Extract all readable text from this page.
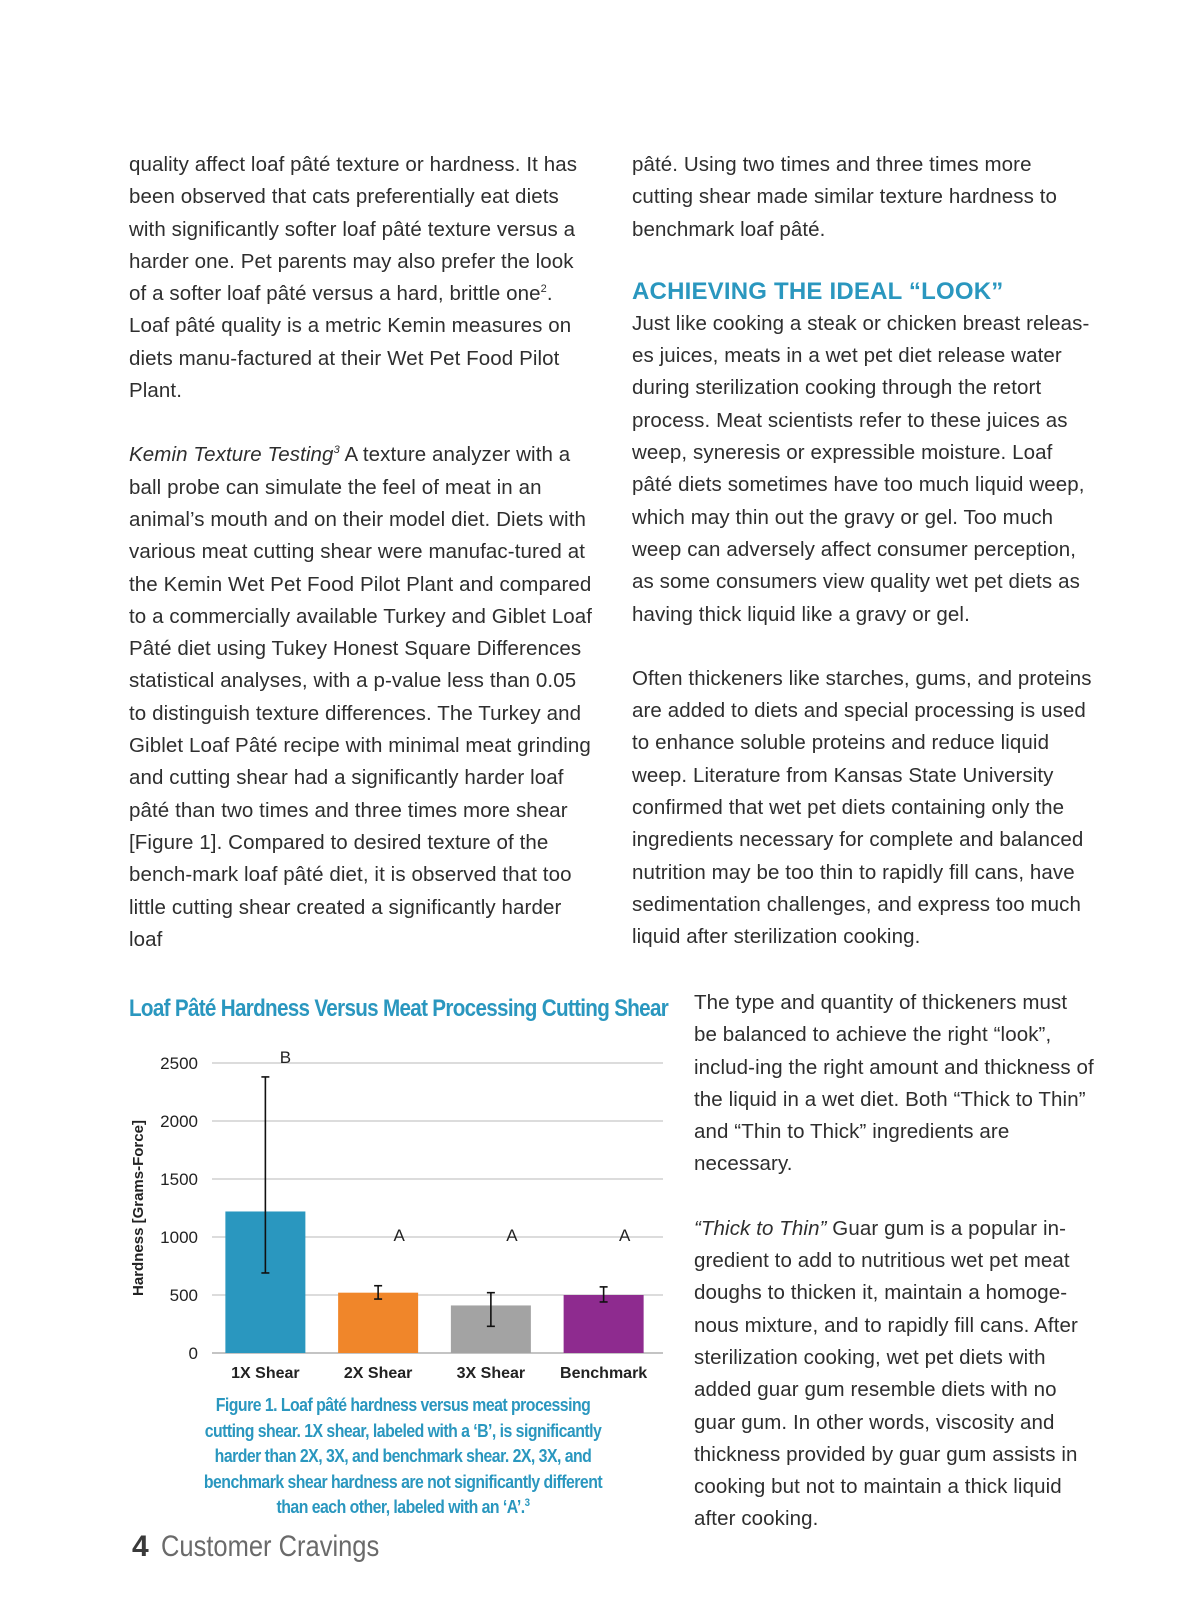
quality affect loaf pâté texture or hardness. It has been observed that cats preferentially eat diets with significantly softer loaf pâté texture versus a harder one. Pet parents may also prefer the look of a softer loaf pâté versus a hard, brittle one$^2$. Loaf pâté quality is a metric Kemin measures on diets manu-factured at their Wet Pet Food Pilot Plant.

Kemin Texture Testing$^3$ A texture analyzer with a ball probe can simulate the feel of meat in an animal’s mouth and on their model diet. Diets with various meat cutting shear were manufac-tured at the Kemin Wet Pet Food Pilot Plant and compared to a commercially available Turkey and Giblet Loaf Pâté diet using Tukey Honest Square Differences statistical analyses, with a p-value less than 0.05 to distinguish texture differences. The Turkey and Giblet Loaf Pâté recipe with minimal meat grinding and cutting shear had a significantly harder loaf pâté than two times and three times more shear [Figure 1]. Compared to desired texture of the bench-mark loaf pâté diet, it is observed that too little cutting shear created a significantly harder loaf

pâté. Using two times and three times more cutting shear made similar texture hardness to benchmark loaf pâté.

ACHIEVING THE IDEAL “LOOK”

Just like cooking a steak or chicken breast releas-es juices, meats in a wet pet diet release water during sterilization cooking through the retort process. Meat scientists refer to these juices as weep, syneresis or expressible moisture. Loaf pâté diets sometimes have too much liquid weep, which may thin out the gravy or gel. Too much weep can adversely affect consumer perception, as some consumers view quality wet pet diets as having thick liquid like a gravy or gel.

Often thickeners like starches, gums, and proteins are added to diets and special processing is used to enhance soluble proteins and reduce liquid weep. Literature from Kansas State University confirmed that wet pet diets containing only the ingredients necessary for complete and balanced nutrition may be too thin to rapidly fill cans, have sedimentation challenges, and express too much liquid after sterilization cooking.

The type and quantity of thickeners must be balanced to achieve the right “look”, includ-ing the right amount and thickness of the liquid in a wet diet. Both “Thick to Thin” and “Thin to Thick” ingredients are necessary.

“Thick to Thin” Guar gum is a popular in-gredient to add to nutritious wet pet meat doughs to thicken it, maintain a homoge-nous mixture, and to rapidly fill cans. After sterilization cooking, wet pet diets with added guar gum resemble diets with no guar gum. In other words, viscosity and thickness provided by guar gum assists in cooking but not to maintain a thick liquid after cooking.

Loaf Pâté Hardness Versus Meat Processing Cutting Shear
0
500
1000
1500
2000
2500
Hardness [Grams-Force]
B
1X Shear
A
2X Shear
A
3X Shear
A
Benchmark
Figure 1. Loaf pâté hardness versus meat processing cutting shear. 1X shear, labeled with a ‘B’, is significantly harder than 2X, 3X, and benchmark shear. 2X, 3X, and benchmark shear hardness are not significantly different than each other, labeled with an ‘A’.$^3$
4 Customer Cravings
